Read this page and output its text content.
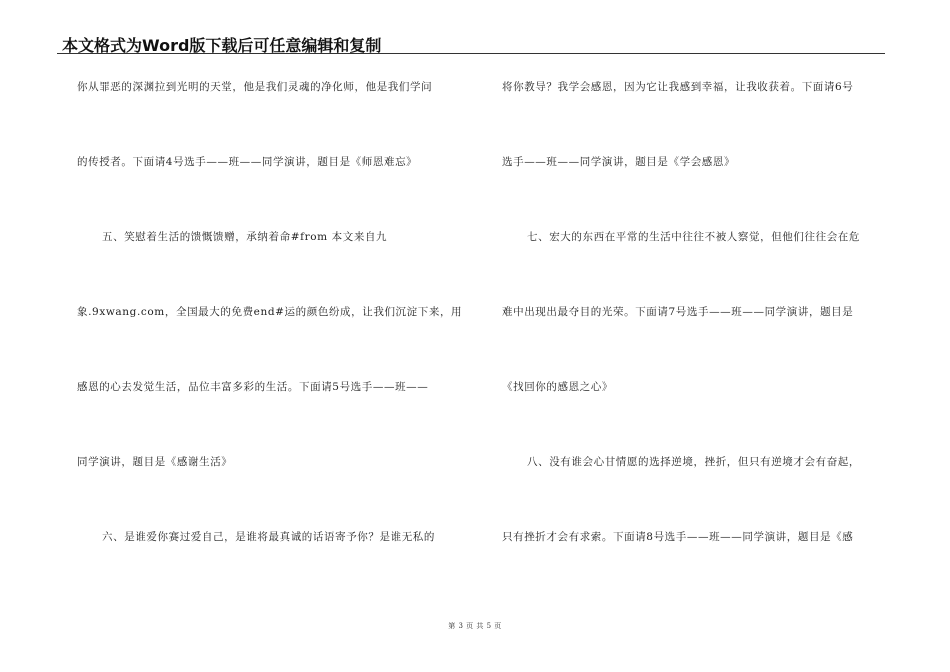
本文格式为Word版下载后可任意编辑和复制
你从罪恶的深渊拉到光明的天堂，他是我们灵魂的净化师，他是我们学问
的传授者。下面请4号选手——班——同学演讲，题目是《师恩难忘》
五、笑慰着生活的馈慨馈赠，承纳着命#from 本文来自九
象.9xwang.com，全国最大的免费end#运的颜色纷成，让我们沉淀下来，用
感恩的心去发觉生活，品位丰富多彩的生活。下面请5号选手——班——
同学演讲，题目是《感谢生活》
六、是谁爱你赛过爱自己，是谁将最真诚的话语寄予你？是谁无私的
将你教导？我学会感恩，因为它让我感到幸福，让我收获着。下面请6号
选手——班——同学演讲，题目是《学会感恩》
七、宏大的东西在平常的生活中往往不被人察觉，但他们往往会在危
难中出现出最夺目的光荣。下面请7号选手——班——同学演讲，题目是
《找回你的感恩之心》
八、没有谁会心甘情愿的选择逆境，挫折，但只有逆境才会有奋起，
只有挫折才会有求索。下面请8号选手——班——同学演讲，题目是《感
第 3 页 共 5 页
